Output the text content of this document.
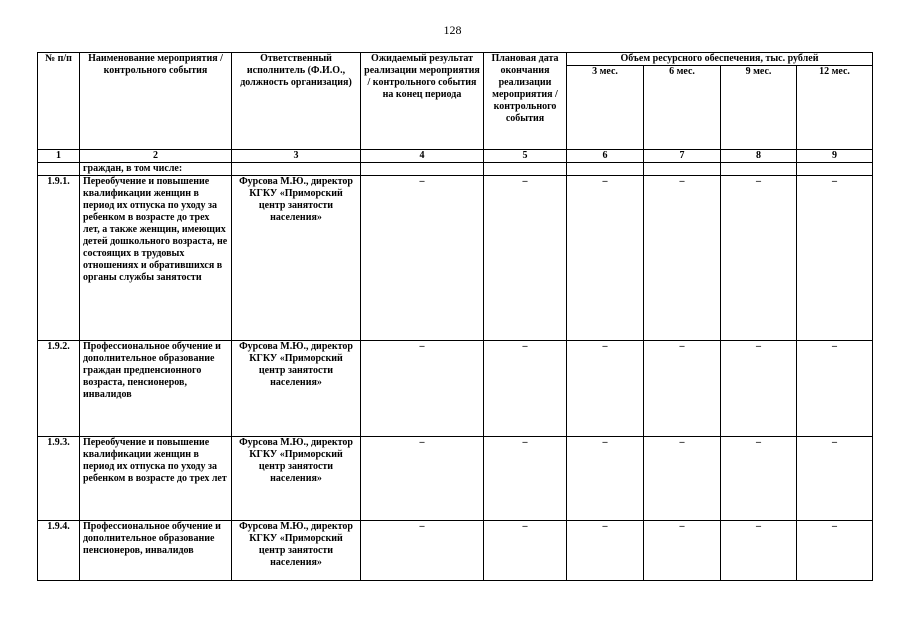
128
№ п/п	Наименование мероприятия / контрольного события	Ответственный исполнитель (Ф.И.О., должность организация)	Ожидаемый результат реализации мероприятия / контрольного события на конец периода	Плановая дата окончания реализации мероприятия / контрольного события	Объем ресурсного обеспечения, тыс. рублей			
					3 мес.	6 мес.	9 мес.	12 мес.
1	2	3	4	5	6	7	8	9
	граждан, в том числе:							
1.9.1.	Переобучение и повышение квалификации женщин в период их отпуска по уходу за ребенком в возрасте до трех лет, а также женщин, имеющих детей дошкольного возраста, не состоящих в трудовых отношениях и обратившихся в органы службы занятости	Фурсова М.Ю., директор КГКУ «Приморский центр занятости населения»	–	–	–	–	–	–
1.9.2.	Профессиональное обучение и дополнительное образование граждан предпенсионного возраста, пенсионеров, инвалидов	Фурсова М.Ю., директор КГКУ «Приморский центр занятости населения»	–	–	–	–	–	–
1.9.3.	Переобучение и повышение квалификации женщин в период их отпуска по уходу за ребенком в возрасте до трех лет	Фурсова М.Ю., директор КГКУ «Приморский центр занятости населения»	–	–	–	–	–	–
1.9.4.	Профессиональное обучение и дополнительное образование пенсионеров, инвалидов	Фурсова М.Ю., директор КГКУ «Приморский центр занятости населения»	–	–	–	–	–	–
